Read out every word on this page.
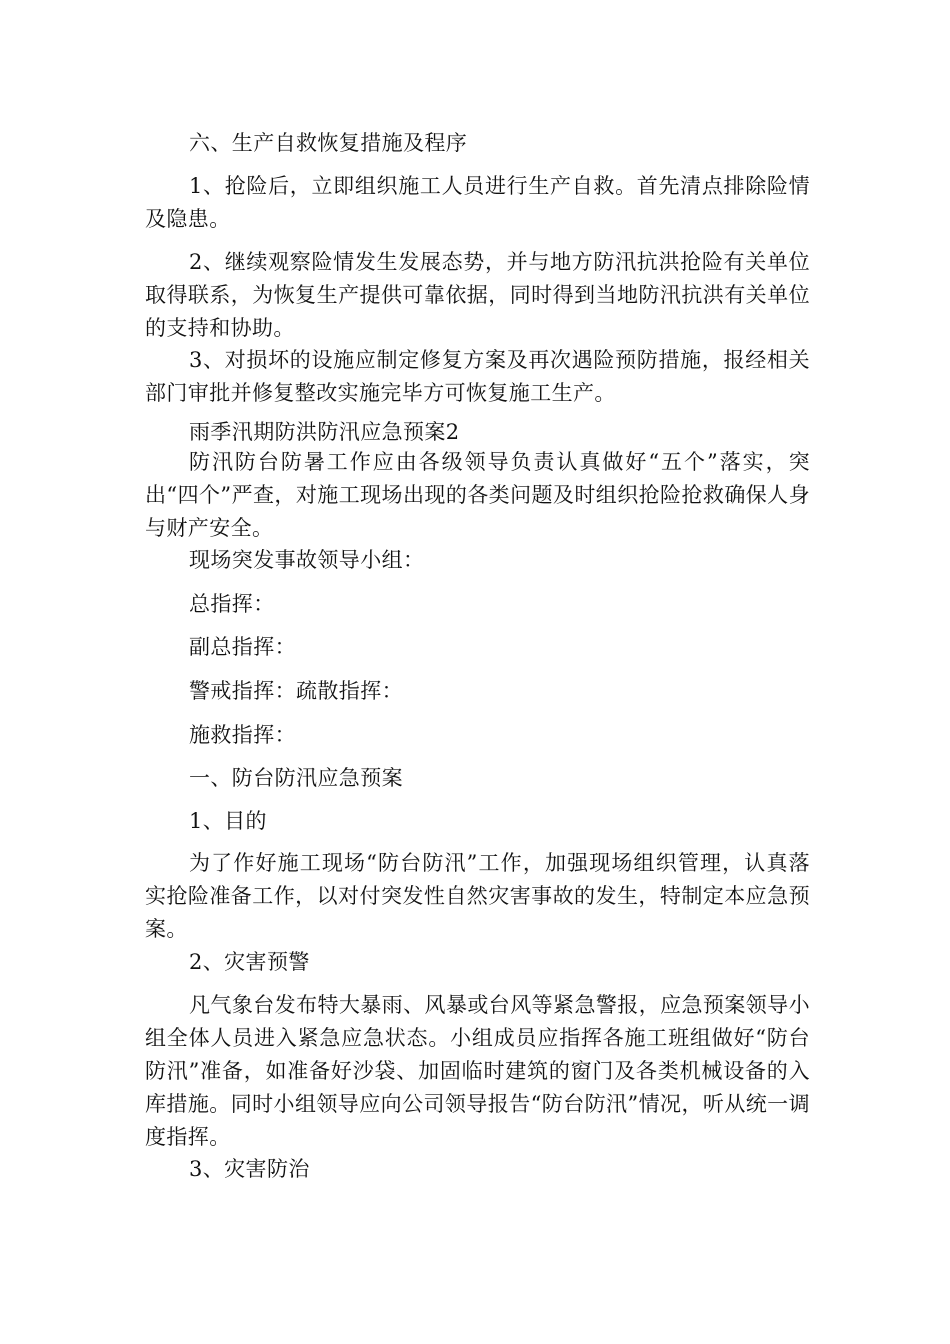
六、生产自救恢复措施及程序

1、抢险后，立即组织施工人员进行生产自救。首先清点排除险情及隐患。

2、继续观察险情发生发展态势，并与地方防汛抗洪抢险有关单位取得联系，为恢复生产提供可靠依据，同时得到当地防汛抗洪有关单位的支持和协助。

3、对损坏的设施应制定修复方案及再次遇险预防措施，报经相关部门审批并修复整改实施完毕方可恢复施工生产。

雨季汛期防洪防汛应急预案2

防汛防台防暑工作应由各级领导负责认真做好“五个”落实，突出“四个”严查，对施工现场出现的各类问题及时组织抢险抢救确保人身与财产安全。

现场突发事故领导小组：

总指挥：

副总指挥：

警戒指挥：疏散指挥：

施救指挥：

一、防台防汛应急预案

1、目的

为了作好施工现场“防台防汛”工作，加强现场组织管理，认真落实抢险准备工作，以对付突发性自然灾害事故的发生，特制定本应急预案。

2、灾害预警

凡气象台发布特大暴雨、风暴或台风等紧急警报，应急预案领导小组全体人员进入紧急应急状态。小组成员应指挥各施工班组做好“防台防汛”准备，如准备好沙袋、加固临时建筑的窗门及各类机械设备的入库措施。同时小组领导应向公司领导报告“防台防汛”情况，听从统一调度指挥。

3、灾害防治
